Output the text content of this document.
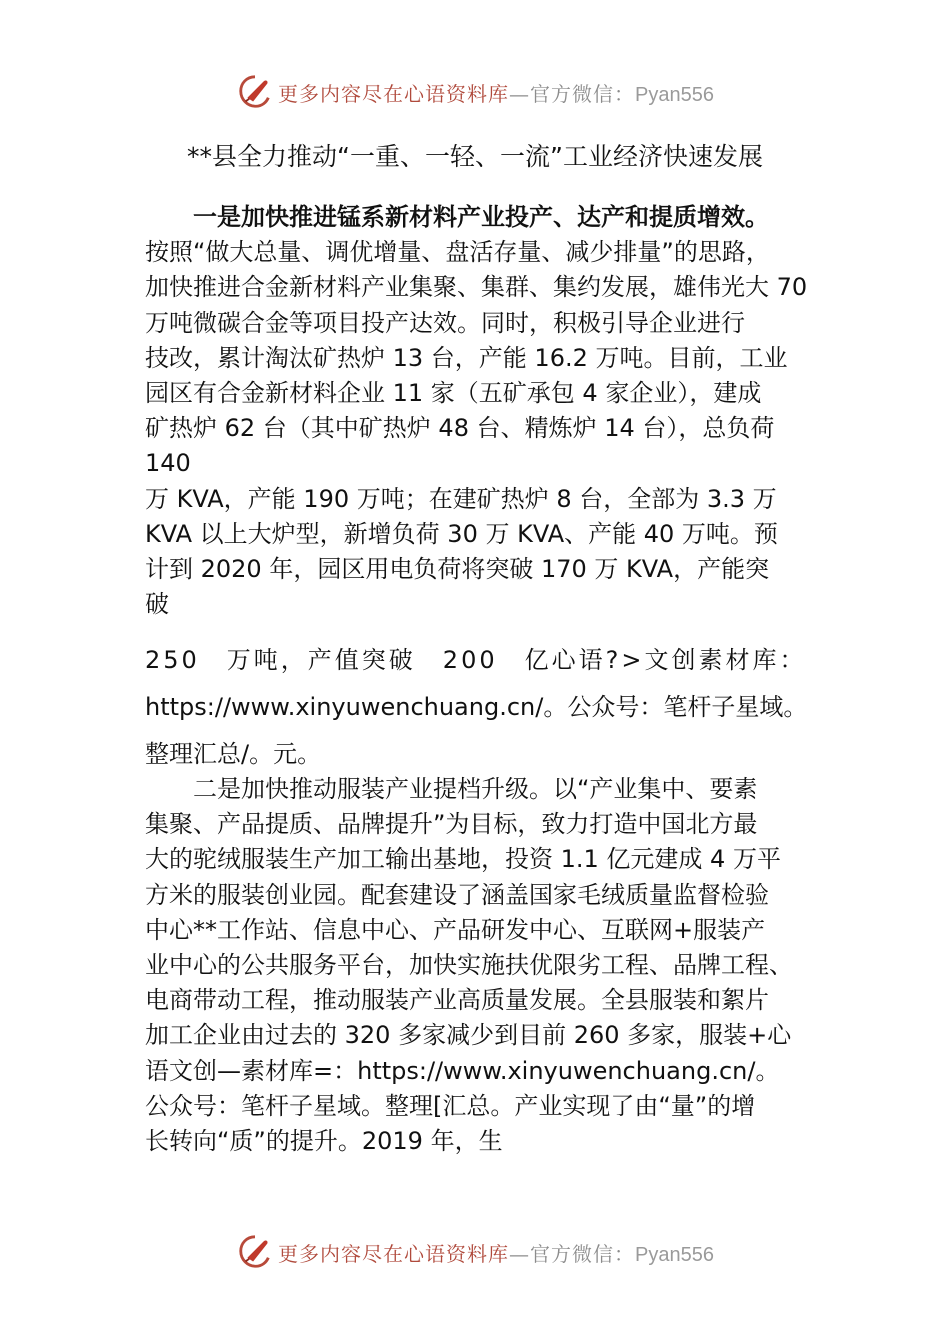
更多内容尽在心语资料库—官方微信：Pyan556
**县全力推动“一重、一轻、一流”工业经济快速发展
一是加快推进锰系新材料产业投产、达产和提质增效。
按照“做大总量、调优增量、盘活存量、减少排量”的思路，
加快推进合金新材料产业集聚、集群、集约发展，雄伟光大 70
万吨微碳合金等项目投产达效。同时，积极引导企业进行
技改，累计淘汰矿热炉 13 台，产能 16.2 万吨。目前，工业
园区有合金新材料企业 11 家（五矿承包 4 家企业），建成
矿热炉 62 台（其中矿热炉 48 台、精炼炉 14 台），总负荷
140
万 KVA，产能 190 万吨；在建矿热炉 8 台，全部为 3.3 万
KVA 以上大炉型，新增负荷 30 万 KVA、产能 40 万吨。预
计到 2020 年，园区用电负荷将突破 170 万 KVA，产能突
破
250　万吨，产值突破　200　亿心语?>文创素材库：
https://www.xinyuwenchuang.cn/。公众号：笔杆子星域。
整理汇总/。元。
　　二是加快推动服装产业提档升级。以“产业集中、要素
集聚、产品提质、品牌提升”为目标，致力打造中国北方最
大的驼绒服装生产加工输出基地，投资 1.1 亿元建成 4 万平
方米的服装创业园。配套建设了涵盖国家毛绒质量监督检验
中心**工作站、信息中心、产品研发中心、互联网+服装产
业中心的公共服务平台，加快实施扶优限劣工程、品牌工程、
电商带动工程，推动服装产业高质量发展。全县服装和絮片
加工企业由过去的 320 多家减少到目前 260 多家，服装+心
语文创—素材库=：https://www.xinyuwenchuang.cn/。
公众号：笔杆子星域。整理[汇总。产业实现了由“量”的增
长转向“质”的提升。2019 年，生
更多内容尽在心语资料库—官方微信：Pyan556
